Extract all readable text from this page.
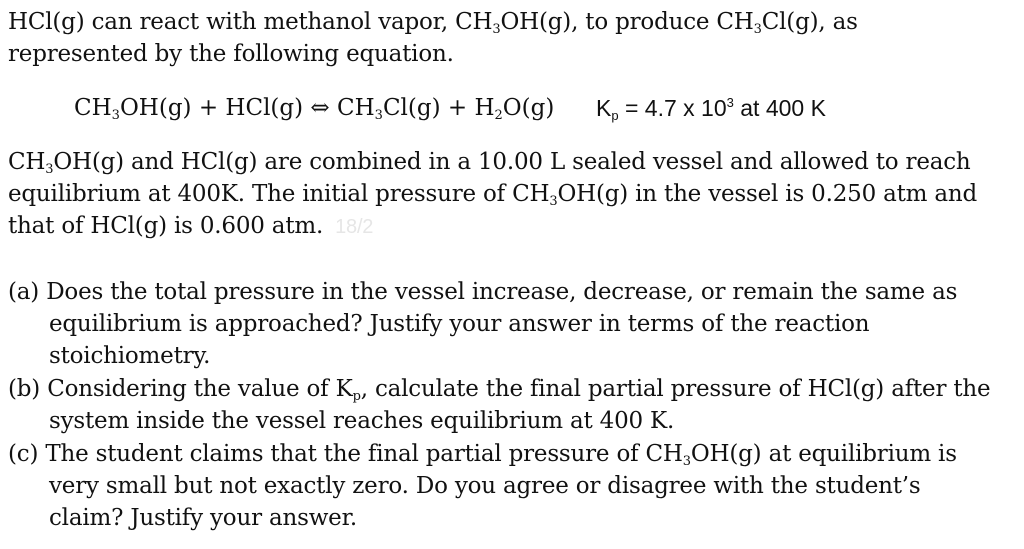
HCl(g) can react with methanol vapor, $CH_3OH(g)$, to produce $CH_3Cl(g)$, as
represented by the following equation.
$CH_3OH(g) + HCl(g)$ ⇔ $CH_3Cl(g) + H_2O(g) K_p = 4.7$ x $10^3$ at 400 K
$CH_3OH(g)$ and HCl(g) are combined in a 10.00 L sealed vessel and allowed to reach
equilibrium at 400K. The initial pressure of $CH_3OH(g)$ in the vessel is 0.250 atm and
that of HCl(g) is 0.600 atm. 18/2
(a) Does the total pressure in the vessel increase, decrease, or remain the same as
equilibrium is approached? Justify your answer in terms of the reaction
stoichiometry.
(b) Considering the value of $K_p$, calculate the final partial pressure of HCl(g) after the
system inside the vessel reaches equilibrium at 400 K.
(c) The student claims that the final partial pressure of $CH_3OH(g)$ at equilibrium is
very small but not exactly zero. Do you agree or disagree with the student’s
claim? Justify your answer.
